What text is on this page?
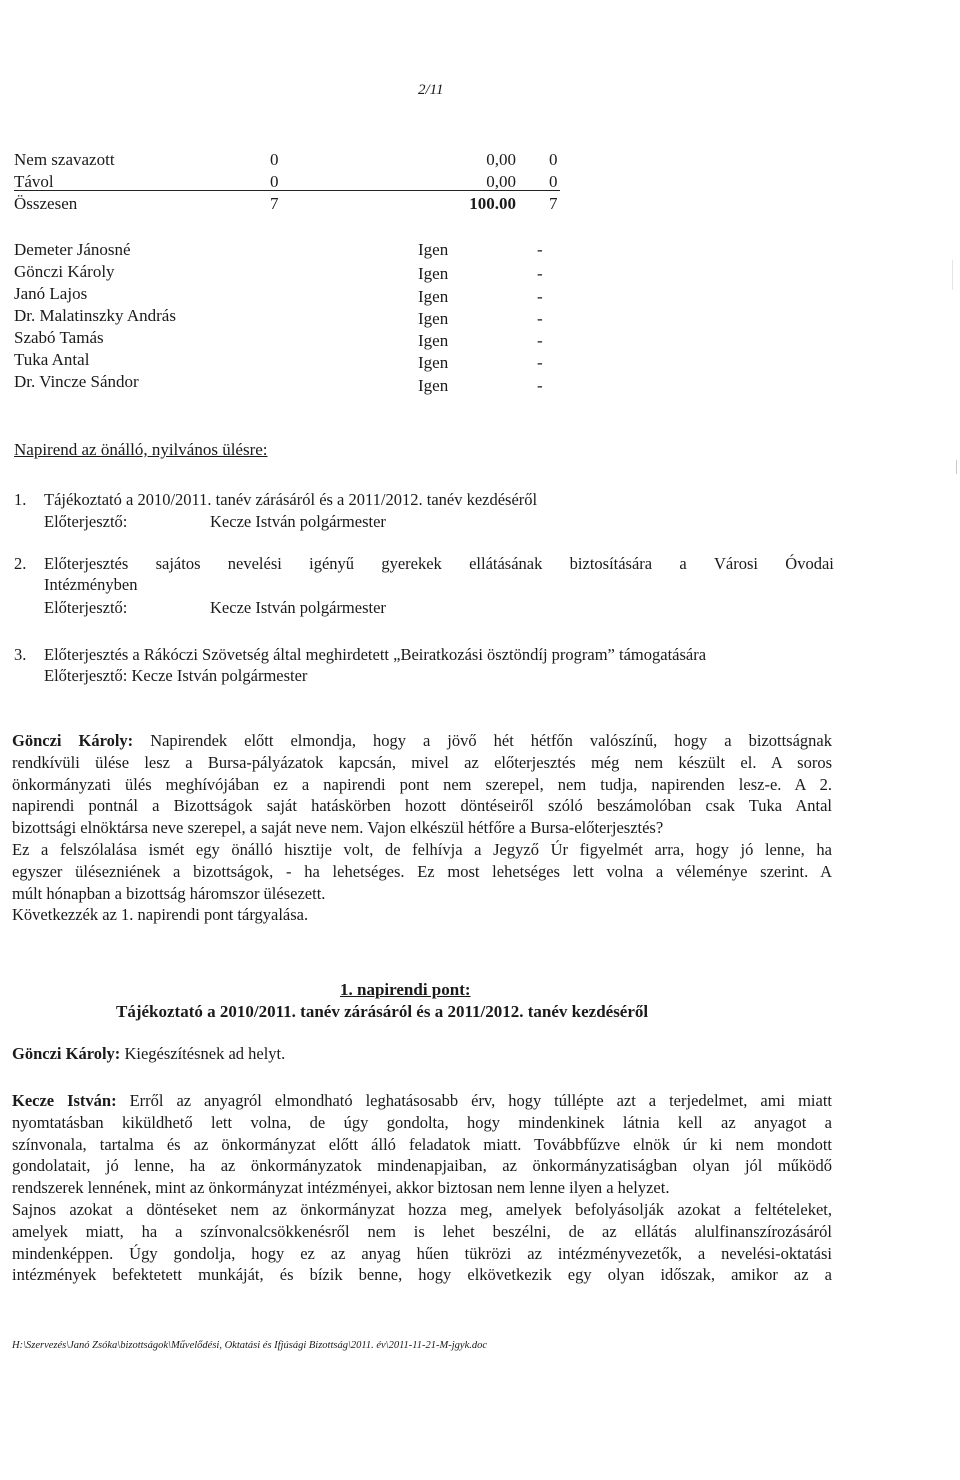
2/11
Nem szavazott	0	0,00 0
Távol	0	0,00 0
Összesen	7	100.00 7
Demeter Jánosné	Igen	-
Gönczi Károly	Igen	-
Janó Lajos	Igen	-
Dr. Malatinszky András	Igen	-
Szabó Tamás	Igen	-
Tuka Antal	Igen	-
Dr. Vincze Sándor	Igen	-
Napirend az önálló, nyilvános ülésre:
1. Tájékoztató a 2010/2011. tanév zárásáról és a 2011/2012. tanév kezdéséről
Előterjesztő:	Kecze István polgármester
2. Előterjesztés sajátos nevelési igényű gyerekek ellátásának biztosítására a Városi Óvodai
Intézményben
Előterjesztő:	Kecze István polgármester
3. Előterjesztés a Rákóczi Szövetség által meghirdetett „Beiratkozási ösztöndíj program” támogatására
Előterjesztő: Kecze István polgármester
Gönczi Károly: Napirendek előtt elmondja, hogy a jövő hét hétfőn valószínű, hogy a bizottságnak
rendkívüli ülése lesz a Bursa-pályázatok kapcsán, mivel az előterjesztés még nem készült el. A soros
önkormányzati ülés meghívójában ez a napirendi pont nem szerepel, nem tudja, napirenden lesz-e. A 2.
napirendi pontnál a Bizottságok saját hatáskörben hozott döntéseiről szóló beszámolóban csak Tuka Antal
bizottsági elnöktársa neve szerepel, a saját neve nem. Vajon elkészül hétfőre a Bursa-előterjesztés?
Ez a felszólalása ismét egy önálló hisztije volt, de felhívja a Jegyző Úr figyelmét arra, hogy jó lenne, ha
egyszer ülésezniének a bizottságok, - ha lehetséges. Ez most lehetséges lett volna a véleménye szerint. A
múlt hónapban a bizottság háromszor ülésezett.
Következzék az 1. napirendi pont tárgyalása.
1. napirendi pont:
Tájékoztató a 2010/2011. tanév zárásáról és a 2011/2012. tanév kezdéséről
Gönczi Károly: Kiegészítésnek ad helyt.
Kecze István: Erről az anyagról elmondható leghatásosabb érv, hogy túllépte azt a terjedelmet, ami miatt
nyomtatásban kiküldhető lett volna, de úgy gondolta, hogy mindenkinek látnia kell az anyagot a
színvonala, tartalma és az önkormányzat előtt álló feladatok miatt. Továbbfűzve elnök úr ki nem mondott
gondolatait, jó lenne, ha az önkormányzatok mindenapjaiban, az önkormányzatiságban olyan jól működő
rendszerek lennének, mint az önkormányzat intézményei, akkor biztosan nem lenne ilyen a helyzet.
Sajnos azokat a döntéseket nem az önkormányzat hozza meg, amelyek befolyásolják azokat a feltételeket,
amelyek miatt, ha a színvonalcsökkenésről nem is lehet beszélni, de az ellátás alulfinanszírozásáról
mindenképpen. Úgy gondolja, hogy ez az anyag hűen tükrözi az intézményvezetők, a nevelési-oktatási
intézmények befektetett munkáját, és bízik benne, hogy elkövetkezik egy olyan időszak, amikor az a
H:\Szervezés\Janó Zsóka\bizottságok\Művelődési, Oktatási és Ifjúsági Bizottság\2011. év\2011-11-21-M-jgyk.doc
